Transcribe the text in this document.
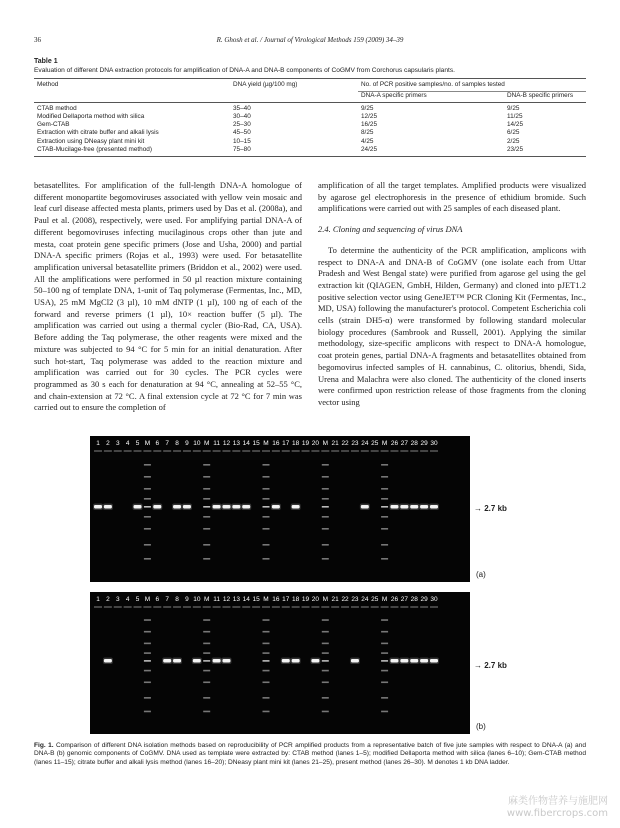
36	R. Ghosh et al. / Journal of Virological Methods 159 (2009) 34–39
Table 1
Evaluation of different DNA extraction protocols for amplification of DNA-A and DNA-B components of CoGMV from Corchorus capsularis plants.
Method	DNA yield (µg/100 mg)	No. of PCR positive samples/no. of samples tested	
		DNA-A specific primers	DNA-B specific primers
CTAB method	35–40	9/25	9/25
Modified Dellaporta method with silica	30–40	12/25	11/25
Gem-CTAB	25–30	16/25	14/25
Extraction with citrate buffer and alkali lysis	45–50	8/25	6/25
Extraction using DNeasy plant mini kit	10–15	4/25	2/25
CTAB-Mucilage-free (presented method)	75–80	24/25	23/25

betasatellites. For amplification of the full-length DNA-A homologue of different monopartite begomoviruses associated with yellow vein mosaic and leaf curl disease affected mesta plants, primers used by Das et al. (2008a), and Paul et al. (2008), respectively, were used. For amplifying partial DNA-A of different begomoviruses infecting mucilaginous crops other than jute and mesta, coat protein gene specific primers (Jose and Usha, 2000) and partial DNA-A specific primers (Rojas et al., 1993) were used. For betasatellite amplification universal betasatellite primers (Briddon et al., 2002) were used. All the amplifications were performed in 50 µl reaction mixture containing 50–100 ng of template DNA, 1-unit of Taq polymerase (Fermentas, Inc., MD, USA), 25 mM MgCl2 (3 µl), 10 mM dNTP (1 µl), 100 ng of each of the forward and reverse primers (1 µl), 10× reaction buffer (5 µl). The amplification was carried out using a thermal cycler (Bio-Rad, CA, USA). Before adding the Taq polymerase, the other reagents were mixed and the mixture was subjected to 94 °C for 5 min for an initial denaturation. After such hot-start, Taq polymerase was added to the reaction mixture and amplification was carried out for 30 cycles. The PCR cycles were programmed as 30 s each for denaturation at 94 °C, annealing at 52–55 °C, and chain-extension at 72 °C. A final extension cycle at 72 °C for 7 min was carried out to ensure the completion of

amplification of all the target templates. Amplified products were visualized by agarose gel electrophoresis in the presence of ethidium bromide. Such amplifications were carried out with 25 samples of each diseased plant.

2.4. Cloning and sequencing of virus DNA

To determine the authenticity of the PCR amplification, amplicons with respect to DNA-A and DNA-B of CoGMV (one isolate each from Uttar Pradesh and West Bengal state) were purified from agarose gel using the gel extraction kit (QIAGEN, GmbH, Hilden, Germany) and cloned into pJET1.2 positive selection vector using GeneJET™ PCR Cloning Kit (Fermentas, Inc., MD, USA) following the manufacturer's protocol. Competent Escherichia coli cells (strain DH5-α) were transformed by following standard molecular biology procedures (Sambrook and Russell, 2001). Applying the similar methodology, size-specific amplicons with respect to DNA-A homologue, coat protein genes, partial DNA-A fragments and betasatellites obtained from begomovirus infected samples of H. cannabinus, C. olitorius, bhendi, Sida, Urena and Malachra were also cloned. The authenticity of the cloned inserts were confirmed upon restriction release of those fragments from the cloning vector using

1 2 3 4 5 M 6 7 8 9 10 M 11 12 13 14 15 M 16 17 18 19 20 M 21 22 23 24 25 M 26 27 28 29 30
→ 2.7 kb
(a)
1 2 3 4 5 M 6 7 8 9 10 M 11 12 13 14 15 M 16 17 18 19 20 M 21 22 23 24 25 M 26 27 28 29 30
→ 2.7 kb
(b)
Fig. 1. Comparison of different DNA isolation methods based on reproducibility of PCR amplified products from a representative batch of five jute samples with respect to DNA-A (a) and DNA-B (b) genomic components of CoGMV. DNA used as template were extracted by: CTAB method (lanes 1–5); modified Dellaporta method with silica (lanes 6–10); Gem-CTAB method (lanes 11–15); citrate buffer and alkali lysis method (lanes 16–20); DNeasy plant mini kit (lanes 21–25), present method (lanes 26–30). M denotes 1 kb DNA ladder.
麻类作物营养与施肥网
www.fibercrops.com
